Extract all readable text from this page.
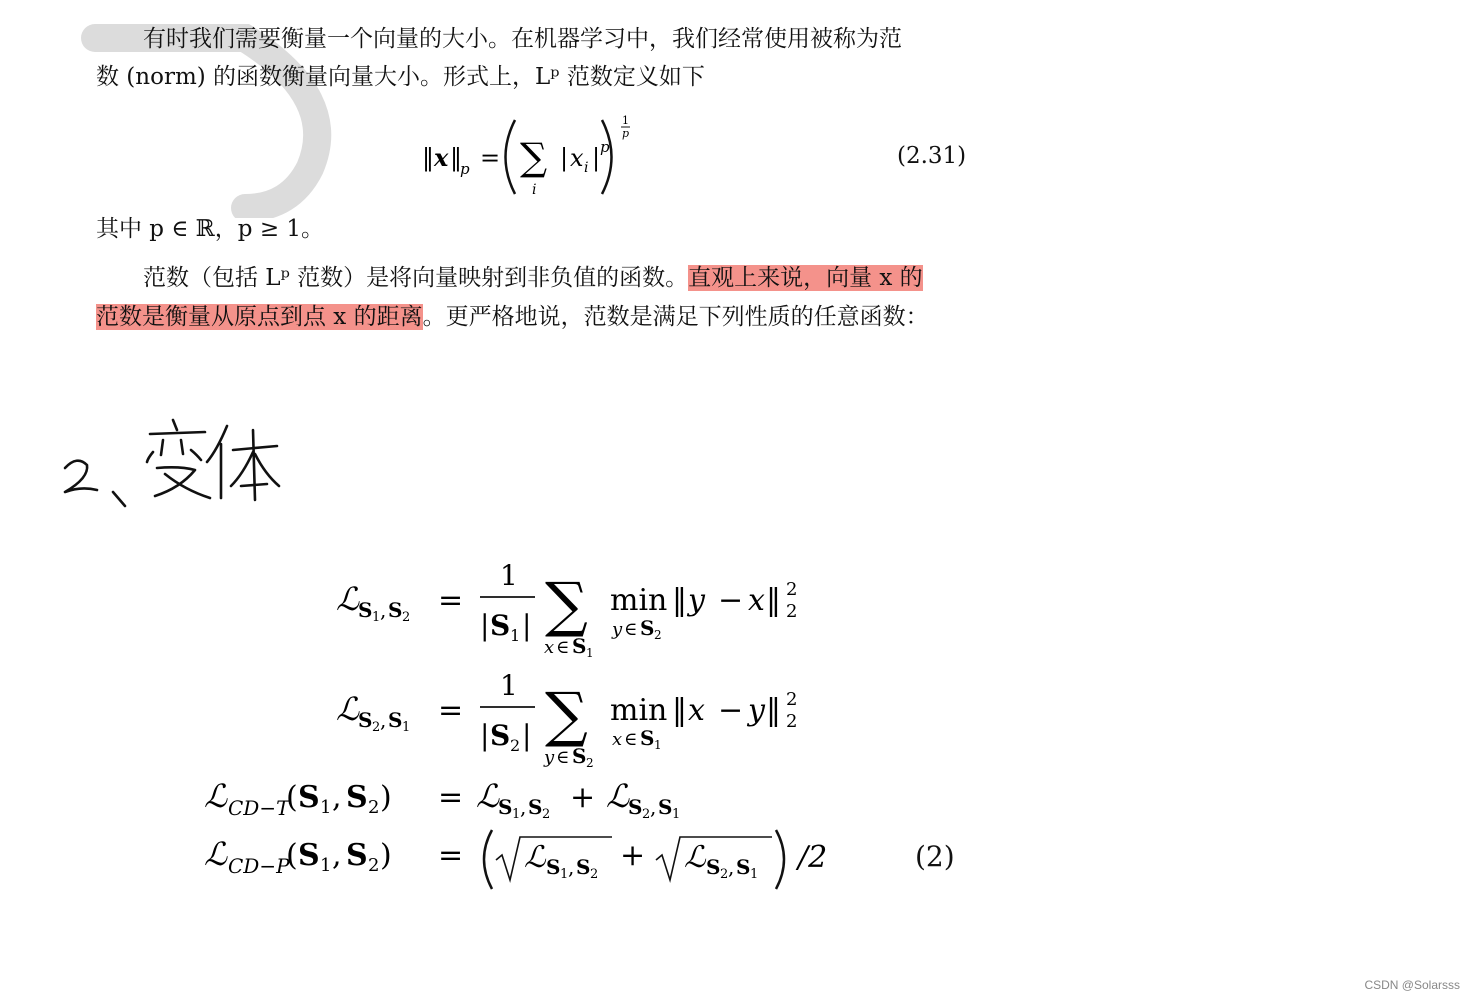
有时我们需要衡量一个向量的大小。在机器学习中，我们经常使用被称为范
数 (norm) 的函数衡量向量大小。形式上，Lᵖ 范数定义如下
‖ x ‖
p = ∑
i
| x i | p
1
p
(2.31)
其中 p ∈ ℝ，p ≥ 1。
范数（包括 Lᵖ 范数）是将向量映射到非负值的函数。直观上来说，向量 x 的
范数是衡量从原点到点 x 的距离。更严格地说，范数是满足下列性质的任意函数：
ℒ
S 1 , S 2 =
1
| S 1 | ∑
x ∈ S 1
min
y ∈ S 2
‖ y − x ‖ 2
2
ℒ
S 2 , S 1 =
1
| S 2 | ∑
y ∈ S 2
min
x ∈ S 1
‖ x − y ‖ 2
2
ℒ CD−T
( S 1 , S 2 ) = ℒ
S 1 , S 2 + ℒ
S 2 , S 1
ℒ CD−P
( S 1 , S 2 ) = ℒ S 1 , S 2
+ ℒ S 2 , S 1 /2	(2)
CSDN @Solarsss
